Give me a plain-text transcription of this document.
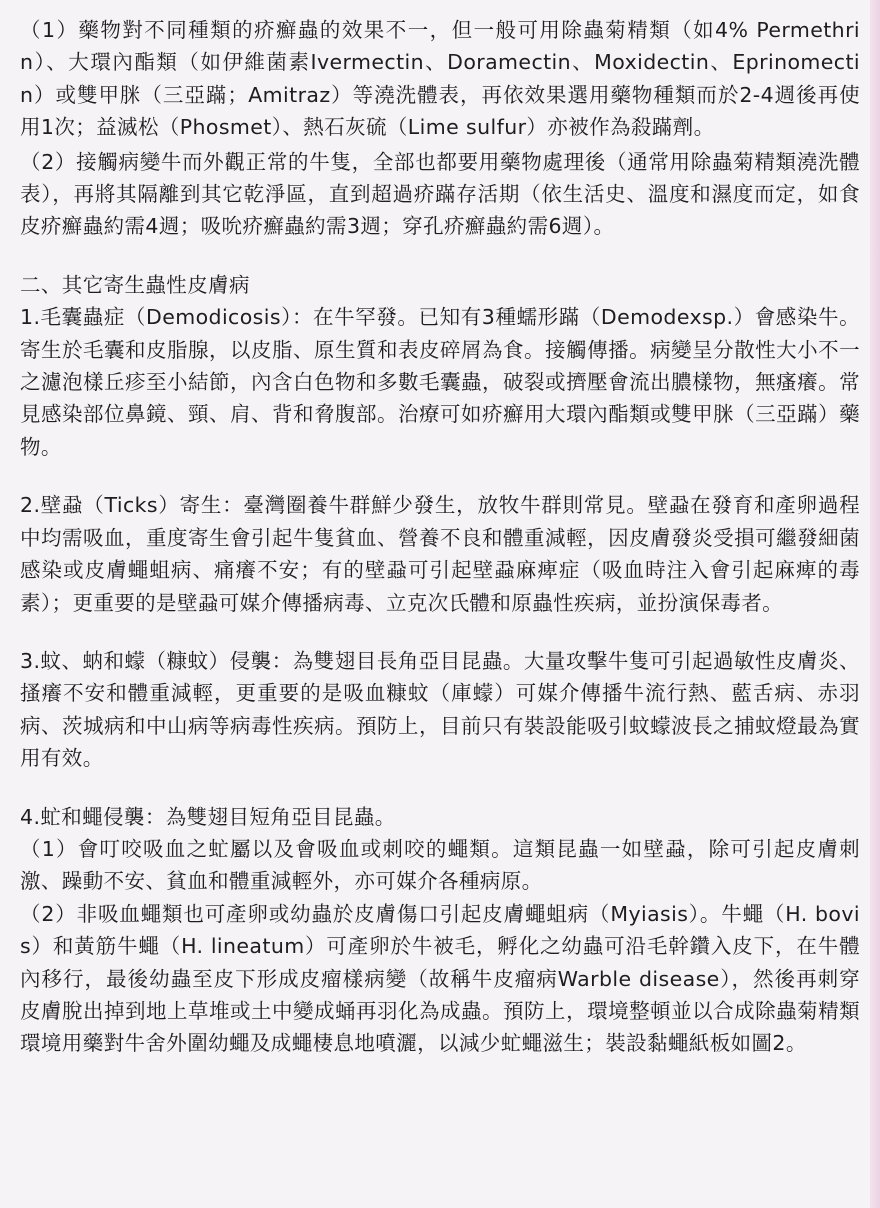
（1）藥物對不同種類的疥癬蟲的效果不一，但一般可用除蟲菊精類（如4% Permethrin）、大環內酯類（如伊維菌素Ivermectin、Doramectin、Moxidectin、Eprinomectin）或雙甲脒（三亞蹣；Amitraz）等澆洗體表，再依效果選用藥物種類而於2-4週後再使用1次；益滅松（Phosmet）、熱石灰硫（Lime sulfur）亦被作為殺蹣劑。

（2）接觸病變牛而外觀正常的牛隻，全部也都要用藥物處理後（通常用除蟲菊精類澆洗體表），再將其隔離到其它乾淨區，直到超過疥蹣存活期（依生活史、溫度和濕度而定，如食皮疥癬蟲約需4週；吸吮疥癬蟲約需3週；穿孔疥癬蟲約需6週）。

二、其它寄生蟲性皮膚病

1.毛囊蟲症（Demodicosis）：在牛罕發。已知有3種蠕形蹣（Demodexsp.）會感染牛。寄生於毛囊和皮脂腺，以皮脂、原生質和表皮碎屑為食。接觸傳播。病變呈分散性大小不一之濾泡樣丘疹至小結節，內含白色物和多數毛囊蟲，破裂或擠壓會流出膿樣物，無瘙癢。常見感染部位鼻鏡、頸、肩、背和脅腹部。治療可如疥癬用大環內酯類或雙甲脒（三亞蹣）藥物。

2.壁蝨（Ticks）寄生：臺灣圈養牛群鮮少發生，放牧牛群則常見。壁蝨在發育和產卵過程中均需吸血，重度寄生會引起牛隻貧血、營養不良和體重減輕，因皮膚發炎受損可繼發細菌感染或皮膚蠅蛆病、痛癢不安；有的壁蝨可引起壁蝨麻痺症（吸血時注入會引起麻痺的毒素）；更重要的是壁蝨可媒介傳播病毒、立克次氏體和原蟲性疾病，並扮演保毒者。

3.蚊、蚋和蠓（糠蚊）侵襲：為雙翅目長角亞目昆蟲。大量攻擊牛隻可引起過敏性皮膚炎、搔癢不安和體重減輕，更重要的是吸血糠蚊（庫蠓）可媒介傳播牛流行熱、藍舌病、赤羽病、茨城病和中山病等病毒性疾病。預防上，目前只有裝設能吸引蚊蠓波長之捕蚊燈最為實用有效。

4.虻和蠅侵襲：為雙翅目短角亞目昆蟲。

（1）會叮咬吸血之虻屬以及會吸血或刺咬的蠅類。這類昆蟲一如壁蝨，除可引起皮膚刺激、躁動不安、貧血和體重減輕外，亦可媒介各種病原。

（2）非吸血蠅類也可產卵或幼蟲於皮膚傷口引起皮膚蠅蛆病（Myiasis）。牛蠅（H. bovis）和黃筋牛蠅（H. lineatum）可產卵於牛被毛，孵化之幼蟲可沿毛幹鑽入皮下，在牛體內移行，最後幼蟲至皮下形成皮瘤樣病變（故稱牛皮瘤病Warble disease），然後再刺穿皮膚脫出掉到地上草堆或土中變成蛹再羽化為成蟲。預防上，環境整頓並以合成除蟲菊精類環境用藥對牛舍外圍幼蠅及成蠅棲息地噴灑，以減少虻蠅滋生；裝設黏蠅紙板如圖2。
